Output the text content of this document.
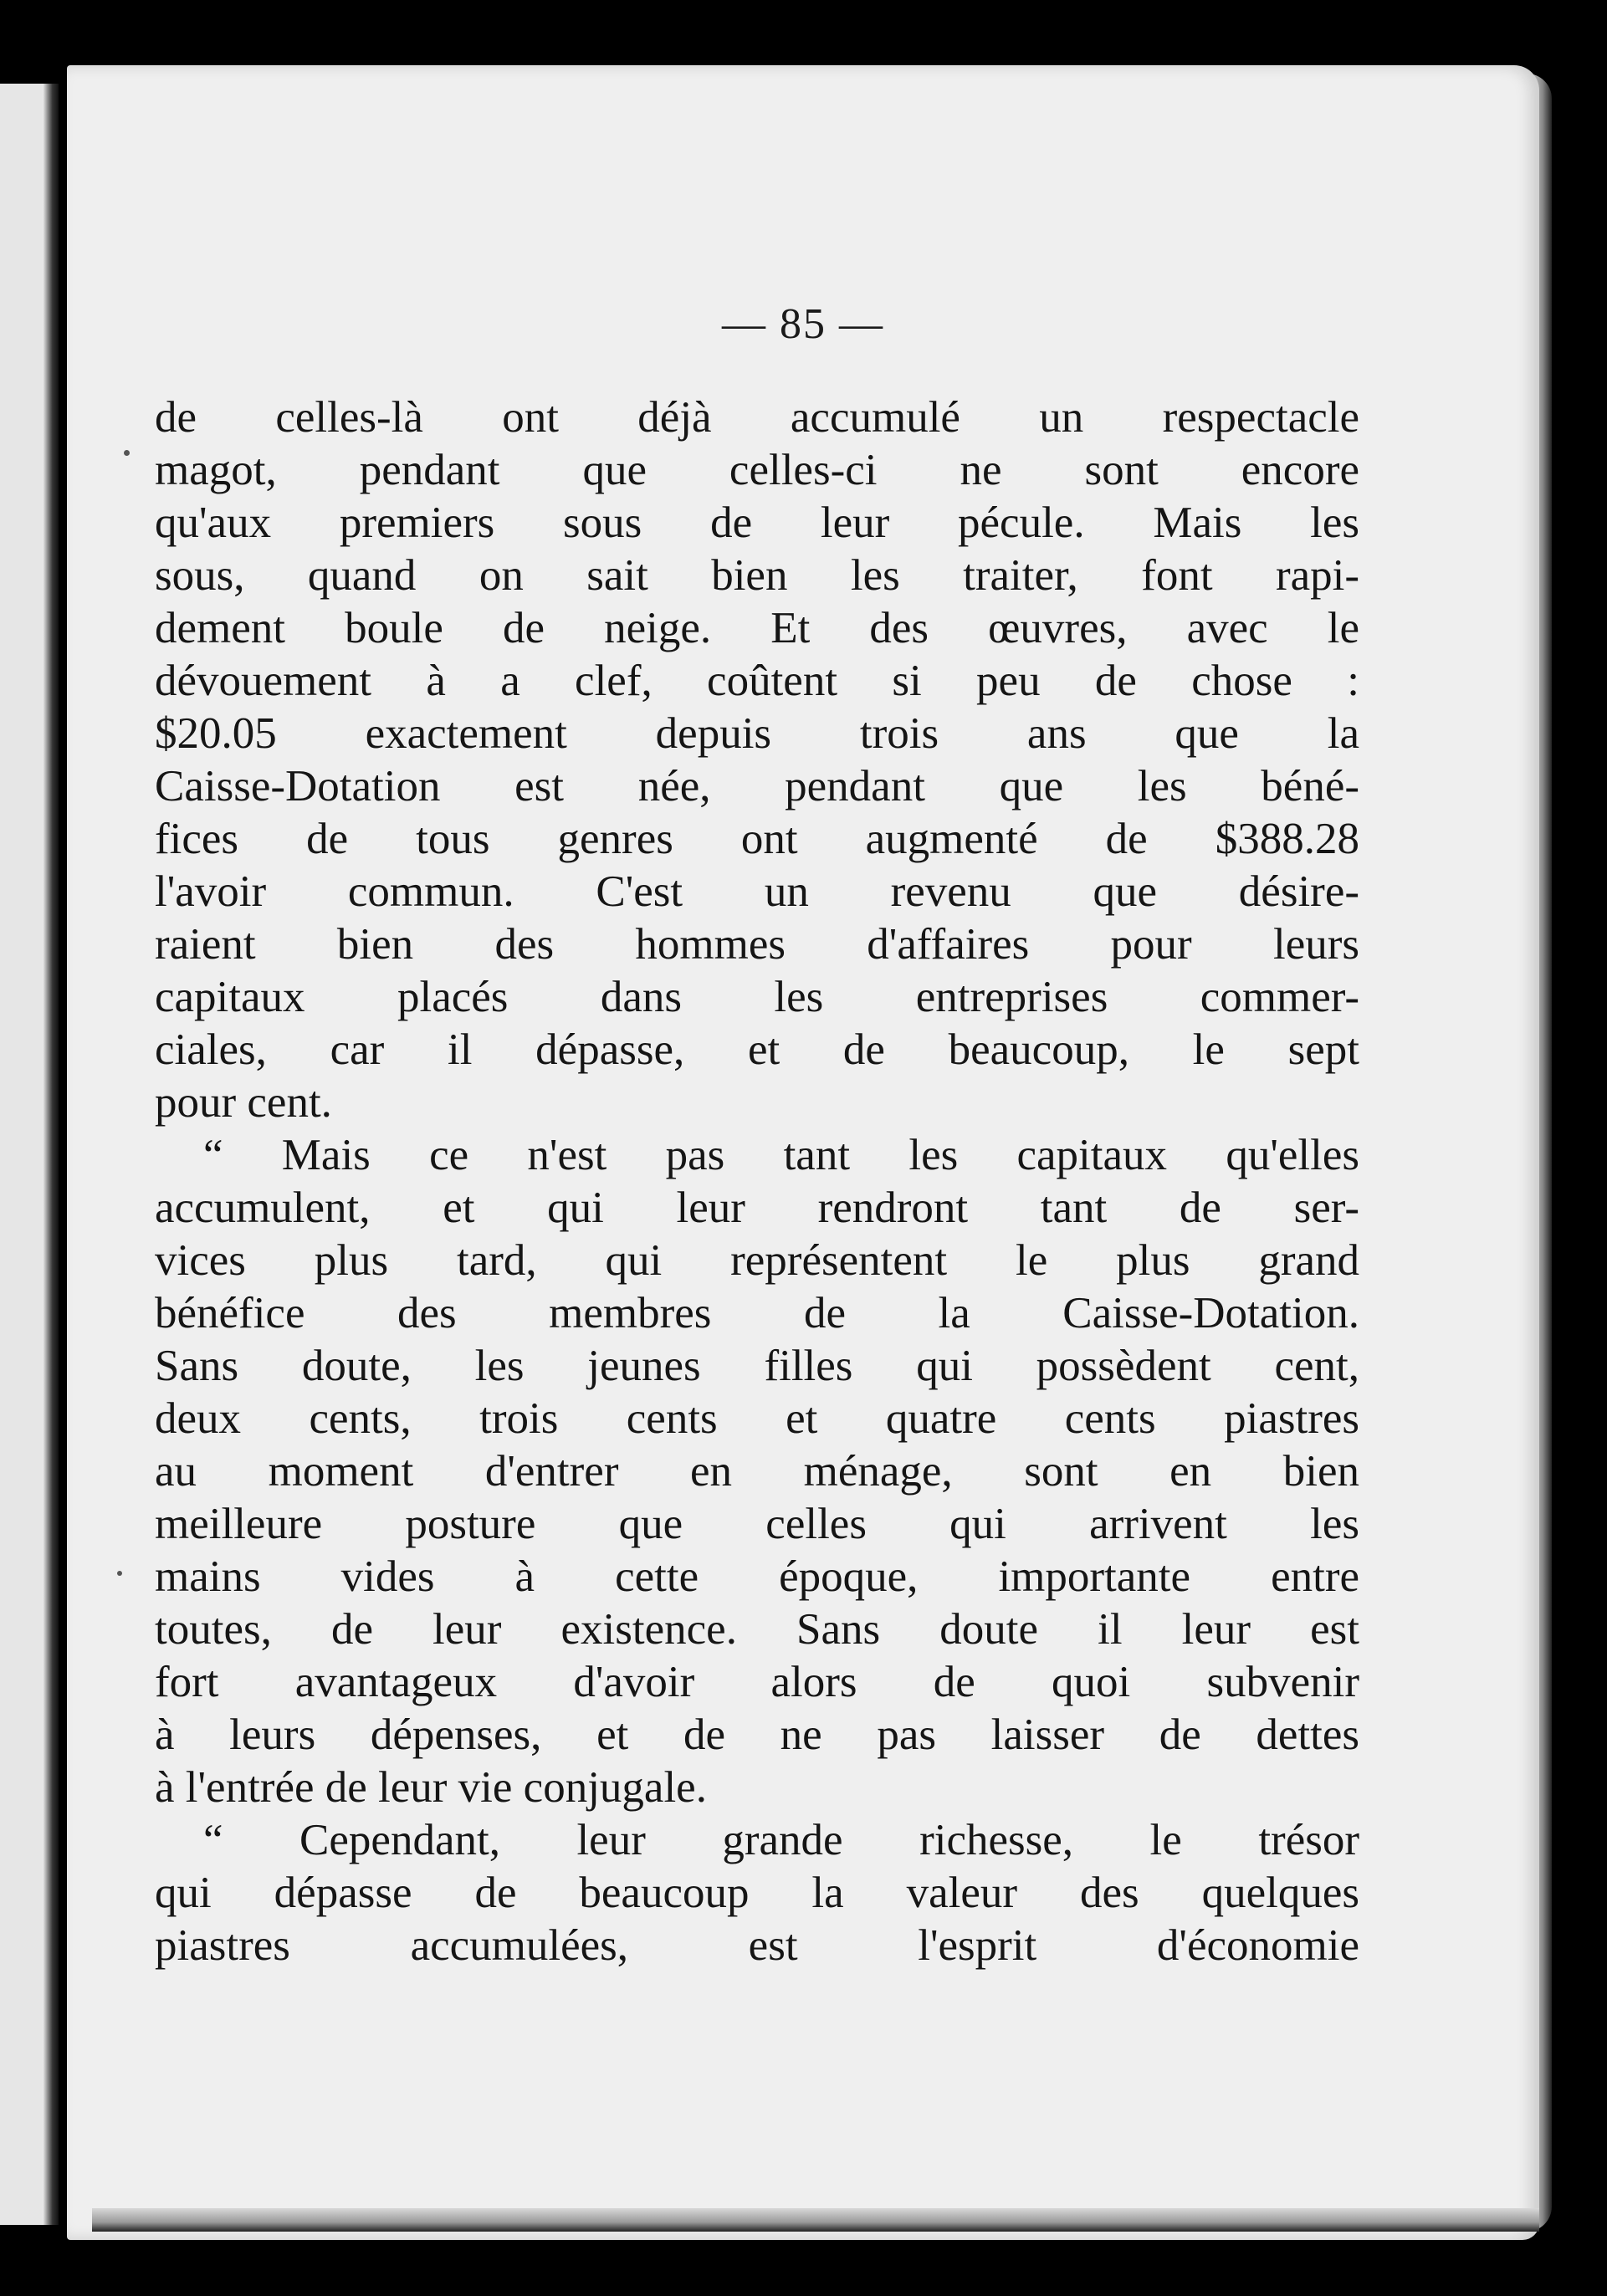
— 85 —
de celles-là ont déjà accumulé un respectacle
magot, pendant que celles-ci ne sont encore
qu'aux premiers sous de leur pécule. Mais les
sous, quand on sait bien les traiter, font rapi-
dement boule de neige. Et des œuvres, avec le
dévouement à a clef, coûtent si peu de chose :
$20.05 exactement depuis trois ans que la
Caisse-Dotation est née, pendant que les béné-
fices de tous genres ont augmenté de $388.28
l'avoir commun. C'est un revenu que désire-
raient bien des hommes d'affaires pour leurs
capitaux placés dans les entreprises commer-
ciales, car il dépasse, et de beaucoup, le sept
pour cent.
“ Mais ce n'est pas tant les capitaux qu'elles
accumulent, et qui leur rendront tant de ser-
vices plus tard, qui représentent le plus grand
bénéfice des membres de la Caisse-Dotation.
Sans doute, les jeunes filles qui possèdent cent,
deux cents, trois cents et quatre cents piastres
au moment d'entrer en ménage, sont en bien
meilleure posture que celles qui arrivent les
mains vides à cette époque, importante entre
toutes, de leur existence. Sans doute il leur est
fort avantageux d'avoir alors de quoi subvenir
à leurs dépenses, et de ne pas laisser de dettes
à l'entrée de leur vie conjugale.
“ Cependant, leur grande richesse, le trésor
qui dépasse de beaucoup la valeur des quelques
piastres accumulées, est l'esprit d'économie
